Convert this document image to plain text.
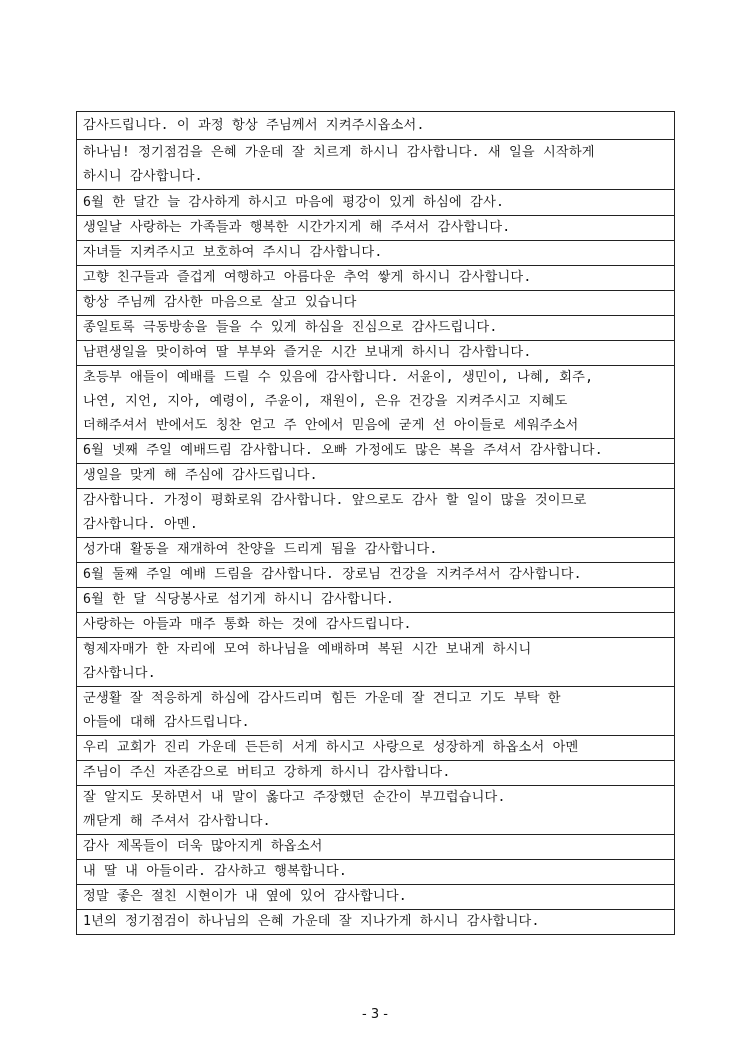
감사드립니다. 이 과정 항상 주님께서 지켜주시옵소서.

하나님! 정기점검을 은혜 가운데 잘 치르게 하시니 감사합니다. 새 일을 시작하게
하시니 감사합니다.

6월 한 달간 늘 감사하게 하시고 마음에 평강이 있게 하심에 감사.

생일날 사랑하는 가족들과 행복한 시간가지게 해 주셔서 감사합니다.

자녀들 지켜주시고 보호하여 주시니 감사합니다.

고향 친구들과 즐겁게 여행하고 아름다운 추억 쌓게 하시니 감사합니다.

항상 주님께 감사한 마음으로 살고 있습니다

종일토록 극동방송을 들을 수 있게 하심을 진심으로 감사드립니다.

남편생일을 맞이하여 딸 부부와 즐거운 시간 보내게 하시니 감사합니다.

초등부 애들이 예배를 드릴 수 있음에 감사합니다. 서윤이, 생민이, 나혜, 회주,
나연, 지언, 지아, 예령이, 주윤이, 재원이, 은유 건강을 지켜주시고 지혜도
더해주셔서 반에서도 칭찬 얻고 주 안에서 믿음에 굳게 선 아이들로 세워주소서

6월 넷째 주일 예배드림 감사합니다. 오빠 가정에도 많은 복을 주셔서 감사합니다.

생일을 맞게 해 주심에 감사드립니다.

감사합니다. 가정이 평화로워 감사합니다. 앞으로도 감사 할 일이 많을 것이므로
감사합니다. 아멘.

성가대 활동을 재개하여 찬양을 드리게 됨을 감사합니다.

6월 둘째 주일 예배 드림을 감사합니다. 장로님 건강을 지켜주셔서 감사합니다.

6월 한 달 식당봉사로 섬기게 하시니 감사합니다.

사랑하는 아들과 매주 통화 하는 것에 감사드립니다.

형제자매가 한 자리에 모여 하나님을 예배하며 복된 시간 보내게 하시니
감사합니다.

군생활 잘 적응하게 하심에 감사드리며 힘든 가운데 잘 견디고 기도 부탁 한
아들에 대해 감사드립니다.

우리 교회가 진리 가운데 든든히 서게 하시고 사랑으로 성장하게 하옵소서 아멘

주님이 주신 자존감으로 버티고 강하게 하시니 감사합니다.

잘 알지도 못하면서 내 말이 옳다고 주장했던 순간이 부끄럽습니다.
깨닫게 해 주셔서 감사합니다.

감사 제목들이 더욱 많아지게 하옵소서

내 딸 내 아들이라. 감사하고 행복합니다.

정말 좋은 절친 시현이가 내 옆에 있어 감사합니다.

1년의 정기점검이 하나님의 은혜 가운데 잘 지나가게 하시니 감사합니다.
- 3 -
